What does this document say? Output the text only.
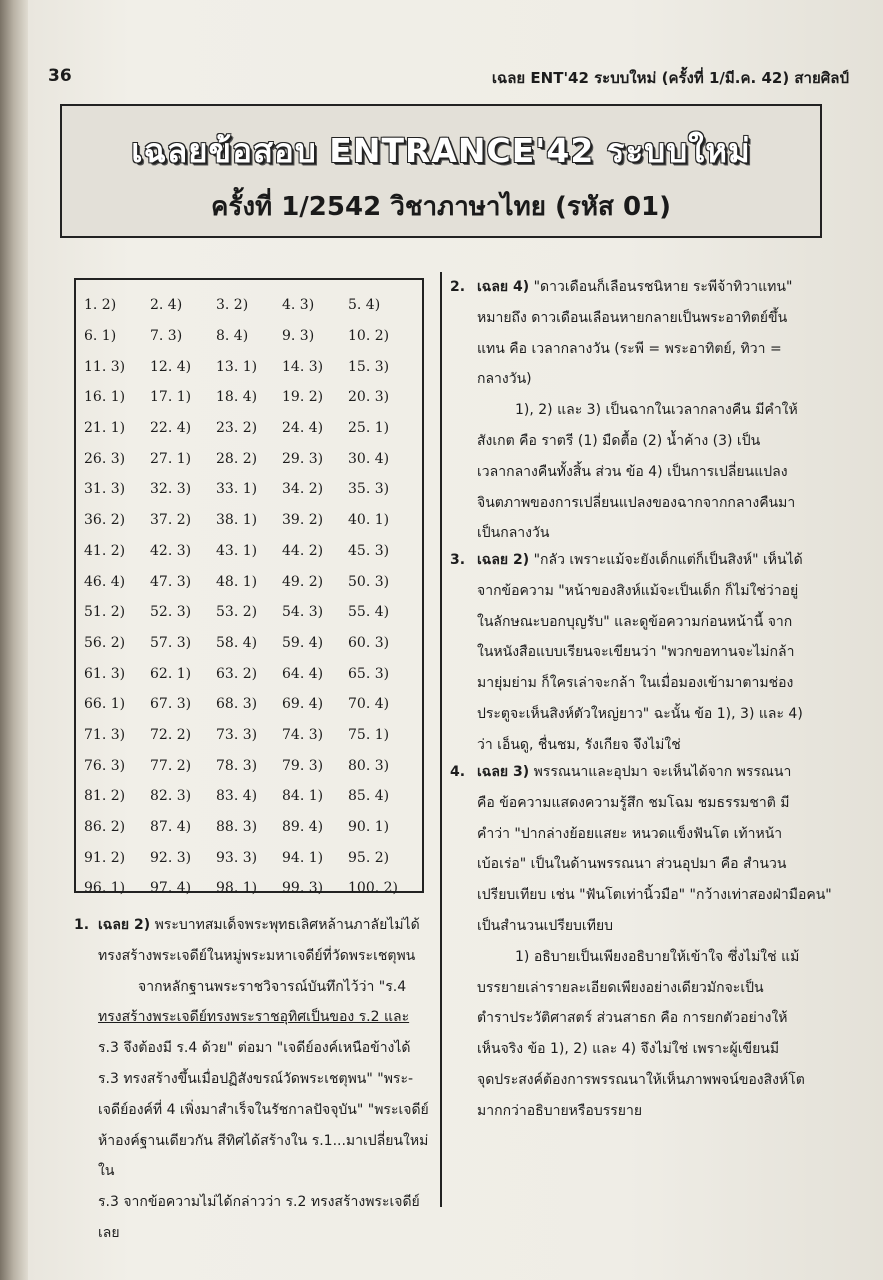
36	เฉลย ENT'42 ระบบใหม่ (ครั้งที่ 1/มี.ค. 42) สายศิลป์
เฉลยข้อสอบ ENTRANCE'42 ระบบใหม่
ครั้งที่ 1/2542 วิชาภาษาไทย (รหัส 01)
1. 2)	2. 4)	3. 2)	4. 3)	5. 4)
6. 1)	7. 3)	8. 4)	9. 3)	10. 2)
11. 3)	12. 4)	13. 1)	14. 3)	15. 3)
16. 1)	17. 1)	18. 4)	19. 2)	20. 3)
21. 1)	22. 4)	23. 2)	24. 4)	25. 1)
26. 3)	27. 1)	28. 2)	29. 3)	30. 4)
31. 3)	32. 3)	33. 1)	34. 2)	35. 3)
36. 2)	37. 2)	38. 1)	39. 2)	40. 1)
41. 2)	42. 3)	43. 1)	44. 2)	45. 3)
46. 4)	47. 3)	48. 1)	49. 2)	50. 3)
51. 2)	52. 3)	53. 2)	54. 3)	55. 4)
56. 2)	57. 3)	58. 4)	59. 4)	60. 3)
61. 3)	62. 1)	63. 2)	64. 4)	65. 3)
66. 1)	67. 3)	68. 3)	69. 4)	70. 4)
71. 3)	72. 2)	73. 3)	74. 3)	75. 1)
76. 3)	77. 2)	78. 3)	79. 3)	80. 3)
81. 2)	82. 3)	83. 4)	84. 1)	85. 4)
86. 2)	87. 4)	88. 3)	89. 4)	90. 1)
91. 2)	92. 3)	93. 3)	94. 1)	95. 2)
96. 1)	97. 4)	98. 1)	99. 3)	100. 2)
1. เฉลย 2) พระบาทสมเด็จพระพุทธเลิศหล้านภาลัยไม่ได้

ทรงสร้างพระเจดีย์ในหมู่พระมหาเจดีย์ที่วัดพระเชตุพน

จากหลักฐานพระราชวิจารณ์บันทึกไว้ว่า "ร.4

ทรงสร้างพระเจดีย์ทรงพระราชอุทิศเป็นของ ร.2 และ

ร.3 จึงต้องมี ร.4 ด้วย" ต่อมา "เจดีย์องค์เหนือข้างได้

ร.3 ทรงสร้างขึ้นเมื่อปฏิสังขรณ์วัดพระเชตุพน" "พระ-

เจดีย์องค์ที่ 4 เพิ่งมาสำเร็จในรัชกาลปัจจุบัน" "พระเจดีย์

ห้าองค์ฐานเดียวกัน สีทิศได้สร้างใน ร.1...มาเปลี่ยนใหม่ใน

ร.3 จากข้อความไม่ได้กล่าวว่า ร.2 ทรงสร้างพระเจดีย์เลย

2. เฉลย 4) "ดาวเดือนก็เลือนรชนิหาย ระพีจ้าทิวาแทน"

หมายถึง ดาวเดือนเลือนหายกลายเป็นพระอาทิตย์ขึ้น

แทน คือ เวลากลางวัน (ระพี = พระอาทิตย์, ทิวา =

กลางวัน)

1), 2) และ 3) เป็นฉากในเวลากลางคืน มีคำให้

สังเกต คือ ราตรี (1) มืดตื้อ (2) น้ำค้าง (3) เป็น

เวลากลางคืนทั้งสิ้น ส่วน ข้อ 4) เป็นการเปลี่ยนแปลง

จินตภาพของการเปลี่ยนแปลงของฉากจากกลางคืนมา

เป็นกลางวัน

3. เฉลย 2) "กลัว เพราะแม้จะยังเด็กแต่ก็เป็นสิงห์" เห็นได้

จากข้อความ "หน้าของสิงห์แม้จะเป็นเด็ก ก็ไม่ใช่ว่าอยู่

ในลักษณะบอกบุญรับ" และดูข้อความก่อนหน้านี้ จาก

ในหนังสือแบบเรียนจะเขียนว่า "พวกขอทานจะไม่กล้า

มายุ่มย่าม ก็ใครเล่าจะกล้า ในเมื่อมองเข้ามาตามช่อง

ประตูจะเห็นสิงห์ตัวใหญ่ยาว" ฉะนั้น ข้อ 1), 3) และ 4)

ว่า เอ็นดู, ชื่นชม, รังเกียจ จึงไม่ใช่

4. เฉลย 3) พรรณนาและอุปมา จะเห็นได้จาก พรรณนา

คือ ข้อความแสดงความรู้สึก ชมโฉม ชมธรรมชาติ มี

คำว่า "ปากล่างย้อยแสยะ หนวดแข็งฟันโต เท้าหน้า

เบ้อเร่อ" เป็นในด้านพรรณนา ส่วนอุปมา คือ สำนวน

เปรียบเทียบ เช่น "ฟันโตเท่านิ้วมือ" "กว้างเท่าสองฝ่ามือคน"

เป็นสำนวนเปรียบเทียบ

1) อธิบายเป็นเพียงอธิบายให้เข้าใจ ซึ่งไม่ใช่ แม้

บรรยายเล่ารายละเอียดเพียงอย่างเดียวมักจะเป็น

ตำราประวัติศาสตร์ ส่วนสาธก คือ การยกตัวอย่างให้

เห็นจริง ข้อ 1), 2) และ 4) จึงไม่ใช่ เพราะผู้เขียนมี

จุดประสงค์ต้องการพรรณนาให้เห็นภาพพจน์ของสิงห์โต

มากกว่าอธิบายหรือบรรยาย
